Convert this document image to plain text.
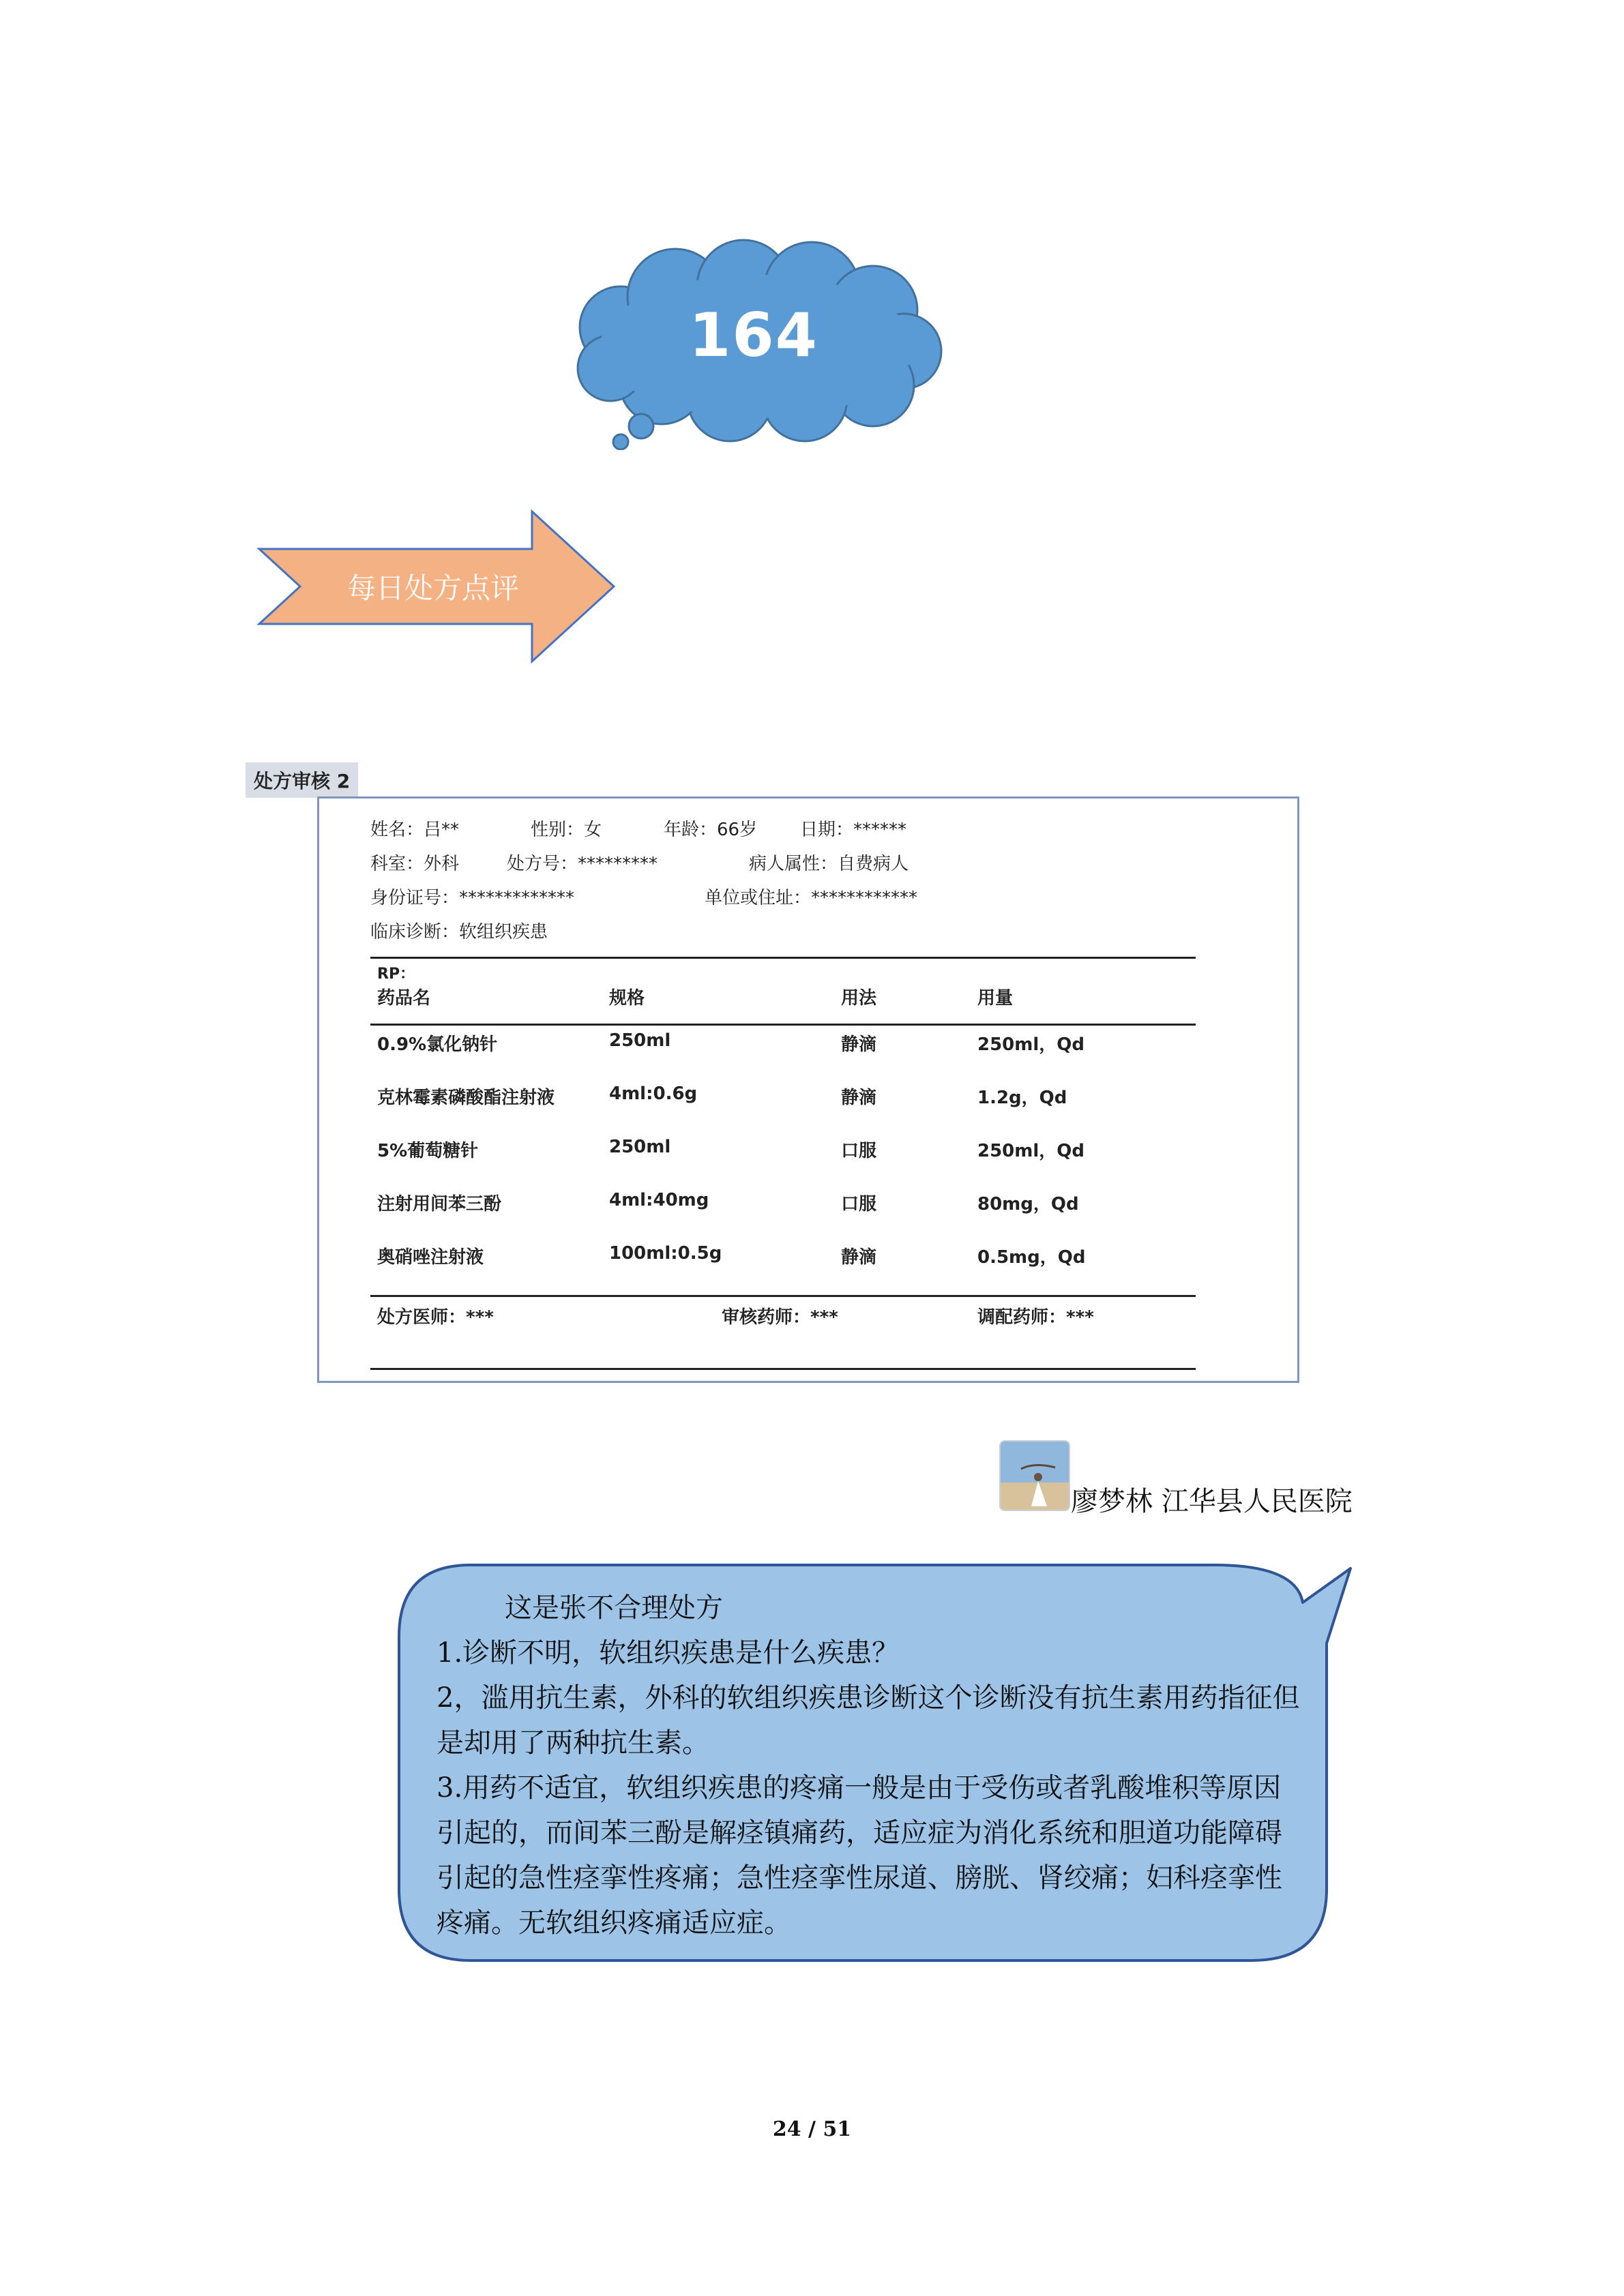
164
每日处方点评
处方审核 2
姓名：吕**	性别：女	年龄：66岁 日期：******
科室：外科	处方号：*********	病人属性：自费病人
身份证号：*************	单位或住址：************
临床诊断：软组织疾患
RP：
药品名	规格	用法	用量
0.9%氯化钠针	250ml	静滴	250ml，Qd
克林霉素磷酸酯注射液	4ml:0.6g	静滴	1.2g，Qd
5%葡萄糖针	250ml	口服	250ml，Qd
注射用间苯三酚	4ml:40mg	口服	80mg，Qd
奥硝唑注射液	100ml:0.5g	静滴	0.5mg，Qd
处方医师：***	审核药师：***	调配药师：***
廖梦林 江华县人民医院

这是张不合理处方

1.诊断不明，软组织疾患是什么疾患？

2，滥用抗生素，外科的软组织疾患诊断这个诊断没有抗生素用药指征但是却用了两种抗生素。

3.用药不适宜，软组织疾患的疼痛一般是由于受伤或者乳酸堆积等原因引起的，而间苯三酚是解痉镇痛药，适应症为消化系统和胆道功能障碍引起的急性痉挛性疼痛；急性痉挛性尿道、膀胱、肾绞痛；妇科痉挛性疼痛。无软组织疼痛适应症。

24 / 51
